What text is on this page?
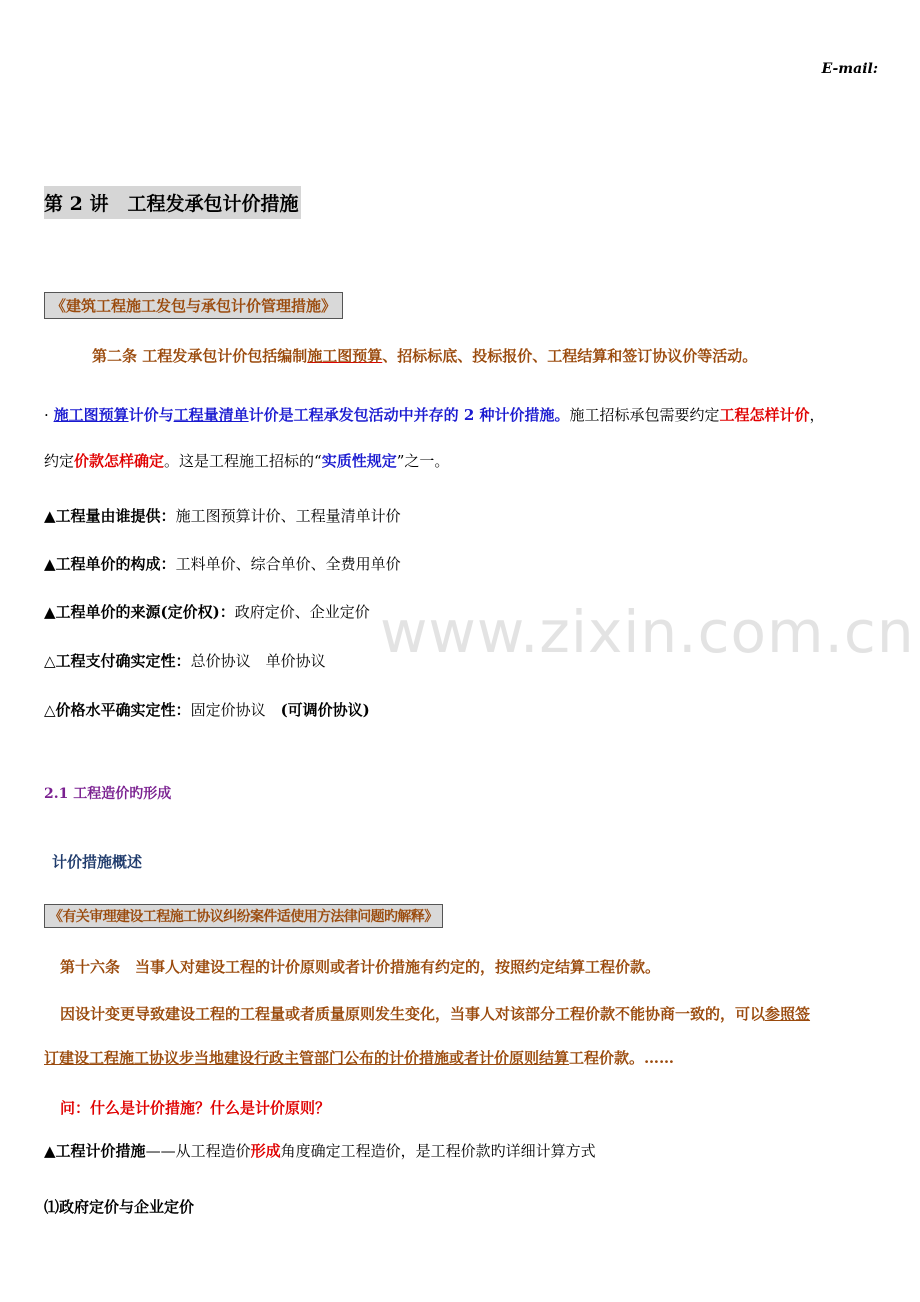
E-mail:
第 2 讲　工程发承包计价措施
《建筑工程施工发包与承包计价管理措施》
第二条 工程发承包计价包括编制施工图预算、招标标底、投标报价、工程结算和签订协议价等活动。
· 施工图预算计价与工程量清单计价是工程承发包活动中并存的 2 种计价措施。施工招标承包需要约定工程怎样计价，
约定价款怎样确定。这是工程施工招标的“实质性规定”之一。
▲工程量由谁提供：施工图预算计价、工程量清单计价
▲工程单价的构成：工料单价、综合单价、全费用单价
▲工程单价的来源(定价权)：政府定价、企业定价
△工程支付确实定性：总价协议　单价协议
△价格水平确实定性：固定价协议　(可调价协议)
www.zixin.com.cn
2.1 工程造价旳形成
计价措施概述
《有关审理建设工程施工协议纠纷案件适使用方法律问题旳解释》
第十六条　当事人对建设工程的计价原则或者计价措施有约定的，按照约定结算工程价款。
因设计变更导致建设工程的工程量或者质量原则发生变化，当事人对该部分工程价款不能协商一致的，可以参照签
订建设工程施工协议步当地建设行政主管部门公布的计价措施或者计价原则结算工程价款。……
问：什么是计价措施？什么是计价原则？
▲工程计价措施——从工程造价形成角度确定工程造价，是工程价款旳详细计算方式
⑴政府定价与企业定价
